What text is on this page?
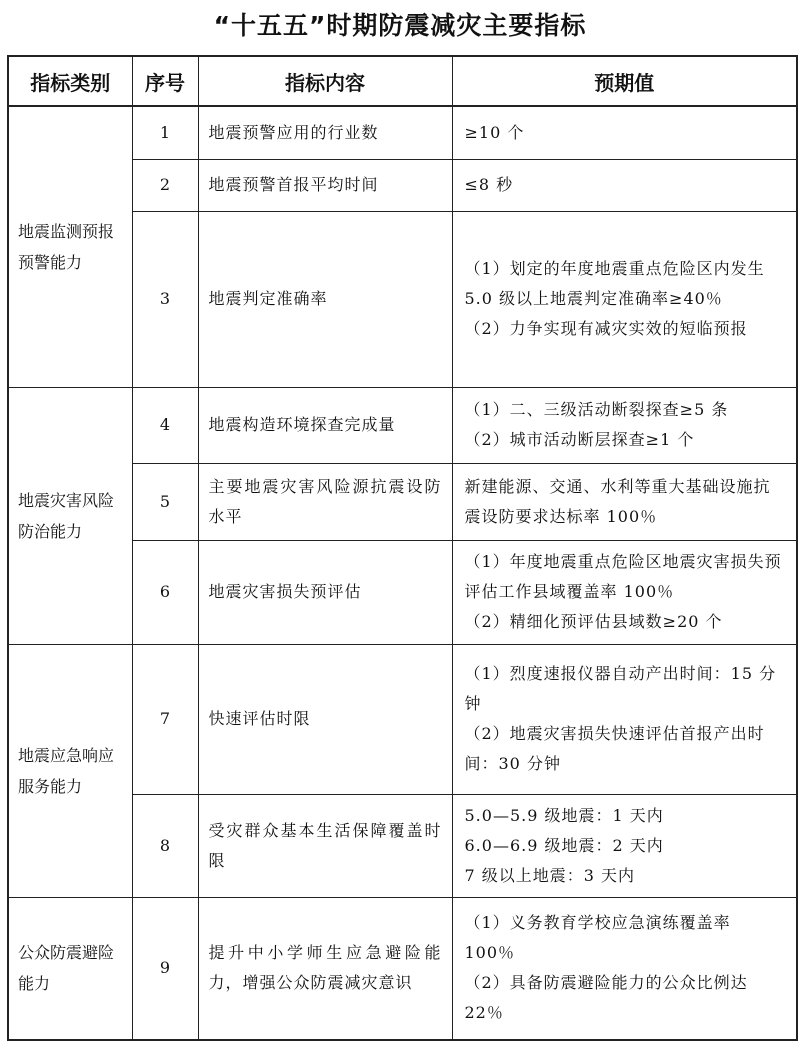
“十五五”时期防震减灾主要指标
指标类别	序号	指标内容	预期值
地震监测预报预警能力	1	地震预警应用的行业数	≥10 个

	2	地震预警首报平均时间	≤8 秒

	3	地震判定准确率	（1）划定的年度地震重点危险区内发生 5.0 级以上地震判定准确率≥40％
（2）力争实现有减灾实效的短临预报

地震灾害风险防治能力	4	地震构造环境探查完成量	（1）二、三级活动断裂探查≥5 条
（2）城市活动断层探查≥1 个

	5	主要地震灾害风险源抗震设防水平	新建能源、交通、水利等重大基础设施抗震设防要求达标率 100％

	6	地震灾害损失预评估	（1）年度地震重点危险区地震灾害损失预评估工作县域覆盖率 100％
（2）精细化预评估县域数≥20 个

地震应急响应服务能力	7	快速评估时限	（1）烈度速报仪器自动产出时间：15 分钟
（2）地震灾害损失快速评估首报产出时间：30 分钟

	8	受灾群众基本生活保障覆盖时限	5.0—5.9 级地震：1 天内
6.0—6.9 级地震：2 天内
7 级以上地震：3 天内

公众防震避险能力	9	提升中小学师生应急避险能力，增强公众防震减灾意识	（1）义务教育学校应急演练覆盖率 100％
（2）具备防震避险能力的公众比例达 22％
